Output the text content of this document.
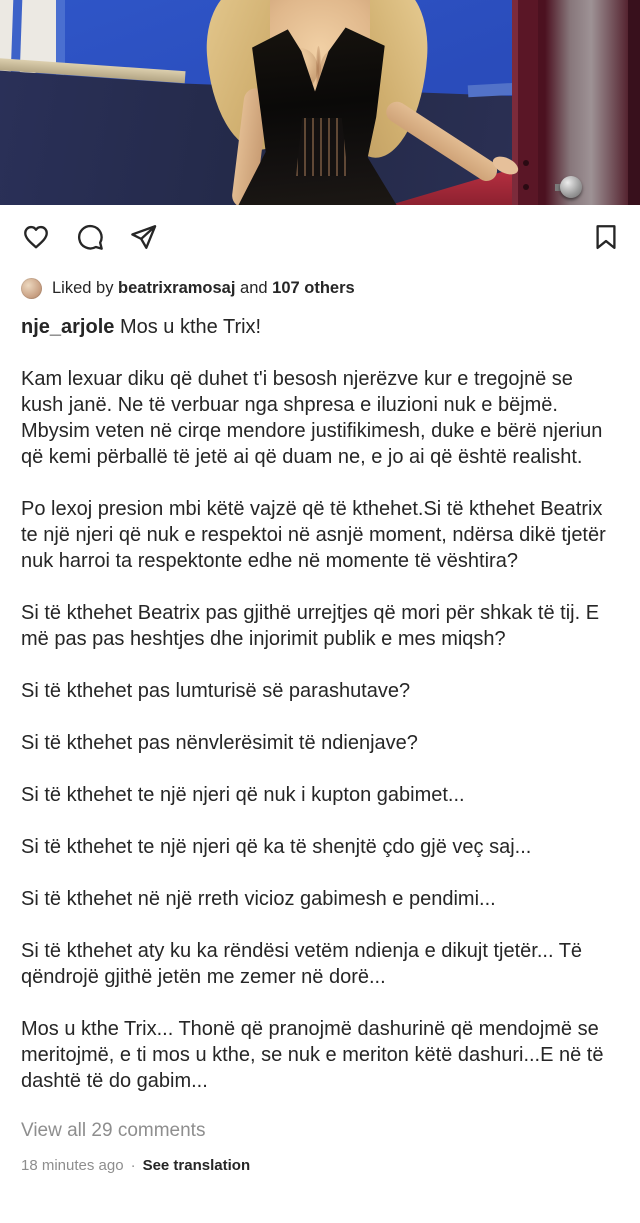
Liked by beatrixramosaj and 107 others

nje_arjole Mos u kthe Trix!

Kam lexuar diku që duhet t'i besosh njerëzve kur e tregojnë se kush janë. Ne të verbuar nga shpresa e iluzioni nuk e bëjmë. Mbysim veten në cirqe mendore justifikimesh, duke e bërë njeriun që kemi përballë të jetë ai që duam ne, e jo ai që është realisht.

Po lexoj presion mbi këtë vajzë që të kthehet.Si të kthehet Beatrix te një njeri që nuk e respektoi në asnjë moment, ndërsa dikë tjetër nuk harroi ta respektonte edhe në momente të vështira?

Si të kthehet Beatrix pas gjithë urrejtjes që mori për shkak të tij. E më pas pas heshtjes dhe injorimit publik e mes miqsh?

Si të kthehet pas lumturisë së parashutave?

Si të kthehet pas nënvlerësimit të ndienjave?

Si të kthehet te një njeri që nuk i kupton gabimet...

Si të kthehet te një njeri që ka të shenjtë çdo gjë veç saj...

Si të kthehet në një rreth vicioz gabimesh e pendimi...

Si të kthehet aty ku ka rëndësi vetëm ndienja e dikujt tjetër... Të qëndrojë gjithë jetën me zemer në dorë...

Mos u kthe Trix... Thonë që pranojmë dashurinë që mendojmë se meritojmë, e ti mos u kthe, se nuk e meriton këtë dashuri...E në të dashtë të do gabim...

View all 29 comments
18 minutes ago · See translation
